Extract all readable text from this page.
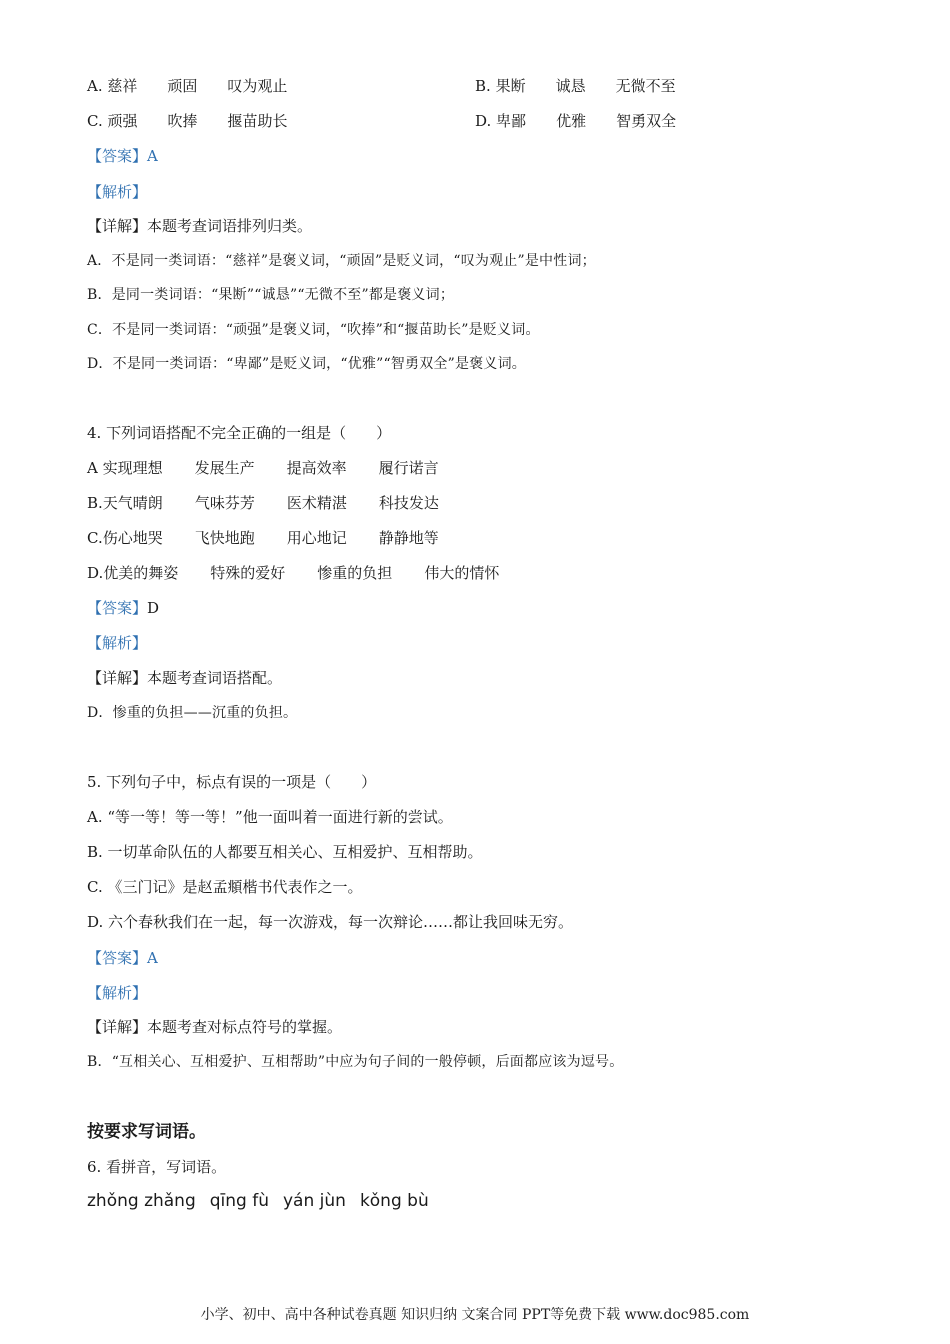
A. 慈祥 顽固 叹为观止	B. 果断 诚恳 无微不至
C. 顽强 吹捧 揠苗助长	D. 卑鄙 优雅 智勇双全
【答案】A
【解析】
【详解】本题考查词语排列归类。
A．不是同一类词语：“慈祥”是褒义词，“顽固”是贬义词，“叹为观止”是中性词；
B．是同一类词语：“果断”“诚恳”“无微不至”都是褒义词；
C．不是同一类词语：“顽强”是褒义词，“吹捧”和“揠苗助长”是贬义词。
D．不是同一类词语：“卑鄙”是贬义词，“优雅”“智勇双全”是褒义词。
4. 下列词语搭配不完全正确的一组是（　　）
A 实现理想 发展生产 提高效率 履行诺言
B.天气晴朗 气味芬芳 医术精湛 科技发达
C.伤心地哭 飞快地跑 用心地记 静静地等
D.优美的舞姿 特殊的爱好 惨重的负担 伟大的情怀
【答案】D
【解析】
【详解】本题考查词语搭配。
D．惨重的负担——沉重的负担。
5. 下列句子中，标点有误的一项是（　　）
A. “等一等！等一等！”他一面叫着一面进行新的尝试。
B. 一切革命队伍的人都要互相关心、互相爱护、互相帮助。
C. 《三门记》是赵孟頫楷书代表作之一。
D. 六个春秋我们在一起，每一次游戏，每一次辩论……都让我回味无穷。
【答案】A
【解析】
【详解】本题考查对标点符号的掌握。
B．“互相关心、互相爱护、互相帮助”中应为句子间的一般停顿，后面都应该为逗号。
按要求写词语。
6. 看拼音，写词语。
zhǒng zhǎng qīng fù yán jùn kǒng bù
小学、初中、高中各种试卷真题 知识归纳 文案合同 PPT等免费下载 www.doc985.com
